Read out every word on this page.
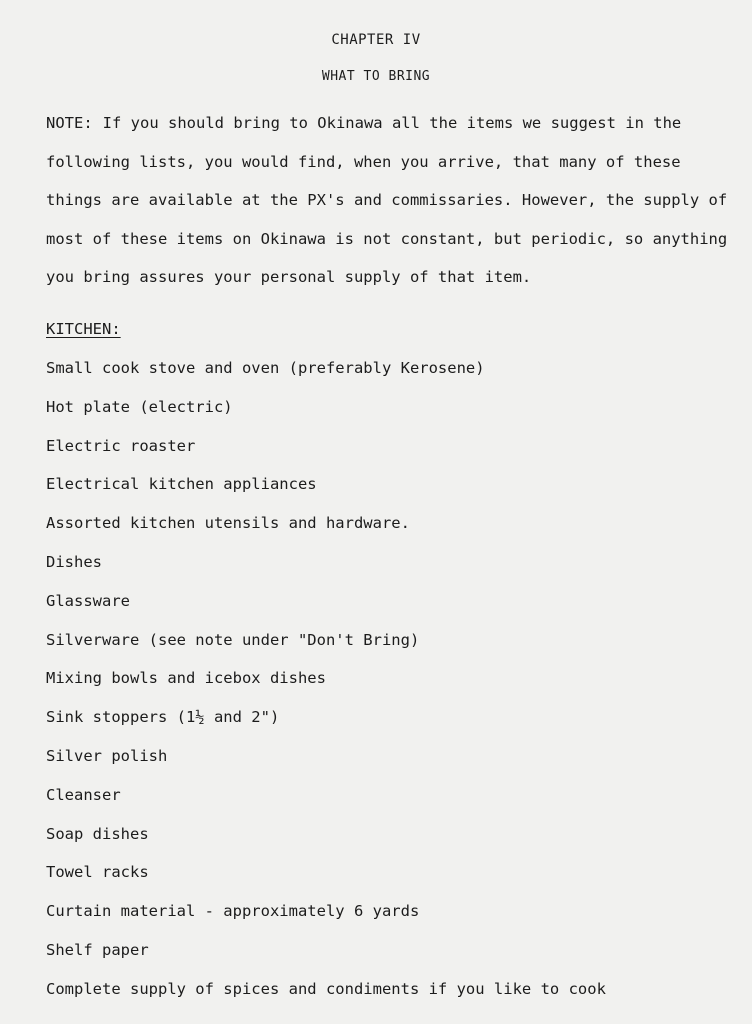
CHAPTER IV
WHAT TO BRING

NOTE: If you should bring to Okinawa all the items we suggest in the following lists, you would find, when you arrive, that many of these things are available at the PX's and commissaries. However, the supply of most of these items on Okinawa is not constant, but periodic, so anything you bring assures your personal supply of that item.

KITCHEN:

Small cook stove and oven (preferably Kerosene)
Hot plate (electric)
Electric roaster
Electrical kitchen appliances
Assorted kitchen utensils and hardware.
Dishes
Glassware
Silverware (see note under "Don't Bring)
Mixing bowls and icebox dishes
Sink stoppers (1½ and 2")
Silver polish
Cleanser
Soap dishes
Towel racks
Curtain material - approximately 6 yards
Shelf paper
Complete supply of spices and condiments if you like to cook
